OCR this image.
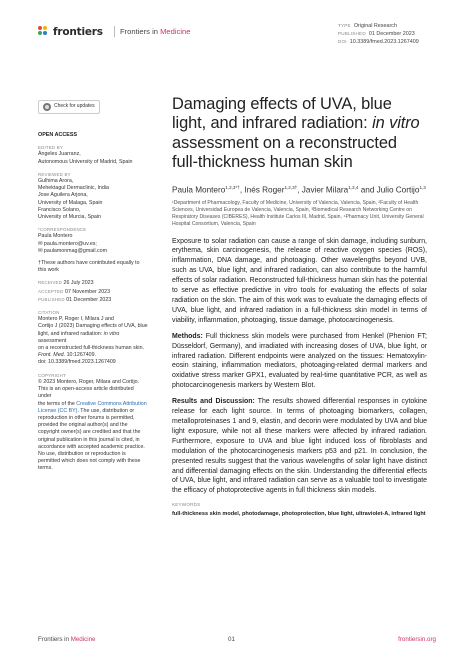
frontiers Frontiers in Medicine
TYPE Original Research
PUBLISHED 01 December 2023
DOI 10.3389/fmed.2023.1267409
Check for updates
OPEN ACCESS
EDITED BY
Ángeles Juarranz,
Autonomous University of Madrid, Spain
REVIEWED BY
Gulhima Arora,
Mehektagul Dermaclinic, India
Jose Aguilera Arjona,
University of Malaga, Spain
Francisco Solano,
University of Murcia, Spain
*CORRESPONDENCE
Paula Montero
✉ paula.montero@uv.es;
✉ paulamonmag@gmail.com
†These authors have contributed equally to
this work
RECEIVED 26 July 2023
ACCEPTED 07 November 2023
PUBLISHED 01 December 2023
CITATION
Montero P, Roger I, Milara J and
Cortijo J (2023) Damaging effects of UVA, blue
light, and infrared radiation: in vitro assessment
on a reconstructed full-thickness human skin.
Front. Med. 10:1267409.
doi: 10.3389/fmed.2023.1267409
COPYRIGHT
© 2023 Montero, Roger, Milara and Cortijo.
This is an open-access article distributed under
the terms of the Creative Commons Attribution License (CC BY). The use, distribution or
reproduction in other forums is permitted,
provided the original author(s) and the
copyright owner(s) are credited and that the
original publication in this journal is cited, in
accordance with accepted academic practice.
No use, distribution or reproduction is
permitted which does not comply with these
terms.
Damaging effects of UVA, blue light, and infrared radiation: in vitro assessment on a reconstructed full-thickness human skin
Paula Montero$^{1,2,3*\dagger}$, Inés Roger$^{1,2,3\dagger}$, Javier Milara$^{1,3,4}$ and Julio Cortijo$^{1,3}$
¹Department of Pharmacology, Faculty of Medicine, University of Valencia, Valencia, Spain, ²Faculty of Health Sciences, Universidad Europea de Valencia, Valencia, Spain, ³Biomedical Research Networking Centre on Respiratory Diseases (CIBERES), Health Institute Carlos III, Madrid, Spain, ⁴Pharmacy Unit, University General Hospital Consortium, Valencia, Spain

Exposure to solar radiation can cause a range of skin damage, including sunburn, erythema, skin carcinogenesis, the release of reactive oxygen species (ROS), inflammation, DNA damage, and photoaging. Other wavelengths beyond UVB, such as UVA, blue light, and infrared radiation, can also contribute to the harmful effects of solar radiation. Reconstructed full-thickness human skin has the potential to serve as effective predictive in vitro tools for evaluating the effects of solar radiation on the skin. The aim of this work was to evaluate the damaging effects of UVA, blue light, and infrared radiation in a full-thickness skin model in terms of viability, inflammation, photoaging, tissue damage, photocarcinogenesis.

Methods: Full thickness skin models were purchased from Henkel (Phenion FT; Düsseldorf, Germany), and irradiated with increasing doses of UVA, blue light, or infrared radiation. Different endpoints were analyzed on the tissues: Hematoxylin-eosin staining, inflammation mediators, photoaging-related dermal markers and oxidative stress marker GPX1, evaluated by real-time quantitative PCR, as well as photocarcinogenesis markers by Western Blot.

Results and Discussion: The results showed differential responses in cytokine release for each light source. In terms of photoaging biomarkers, collagen, metalloproteinases 1 and 9, elastin, and decorin were modulated by UVA and blue light exposure, while not all these markers were affected by infrared radiation. Furthermore, exposure to UVA and blue light induced loss of fibroblasts and modulation of the photocarcinogenesis markers p53 and p21. In conclusion, the presented results suggest that the various wavelengths of solar light have distinct and differential damaging effects on the skin. Understanding the differential effects of UVA, blue light, and infrared radiation can serve as a valuable tool to investigate the efficacy of photoprotective agents in full thickness skin models.

KEYWORDS
full-thickness skin model, photodamage, photoprotection, blue light, ultraviolet-A, infrared light
Frontiers in Medicine	01	frontiersin.org
